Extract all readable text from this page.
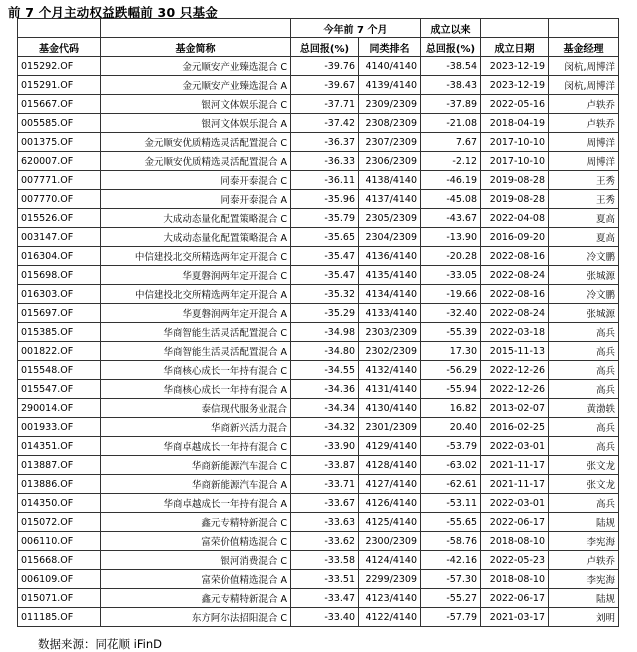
前 7 个月主动权益跌幅前 30 只基金
		今年前 7 个月		成立以来		
基金代码	基金简称	总回报(%)	同类排名	总回报(%)	成立日期	基金经理
015292.OF	金元顺安产业臻选混合 C	-39.76	4140/4140	-38.54	2023-12-19	闵杭,周博洋
015291.OF	金元顺安产业臻选混合 A	-39.67	4139/4140	-38.43	2023-12-19	闵杭,周博洋
015667.OF	银河文体娱乐混合 C	-37.71	2309/2309	-37.89	2022-05-16	卢轶乔
005585.OF	银河文体娱乐混合 A	-37.42	2308/2309	-21.08	2018-04-19	卢轶乔
001375.OF	金元顺安优质精选灵活配置混合 C	-36.37	2307/2309	7.67	2017-10-10	周博洋
620007.OF	金元顺安优质精选灵活配置混合 A	-36.33	2306/2309	-2.12	2017-10-10	周博洋
007771.OF	同泰开泰混合 C	-36.11	4138/4140	-46.19	2019-08-28	王秀
007770.OF	同泰开泰混合 A	-35.96	4137/4140	-45.08	2019-08-28	王秀
015526.OF	大成动态量化配置策略混合 C	-35.79	2305/2309	-43.67	2022-04-08	夏高
003147.OF	大成动态量化配置策略混合 A	-35.65	2304/2309	-13.90	2016-09-20	夏高
016304.OF	中信建投北交所精选两年定开混合 C	-35.47	4136/4140	-20.28	2022-08-16	冷文鹏
015698.OF	华夏磐润两年定开混合 C	-35.47	4135/4140	-33.05	2022-08-24	张城源
016303.OF	中信建投北交所精选两年定开混合 A	-35.32	4134/4140	-19.66	2022-08-16	冷文鹏
015697.OF	华夏磐润两年定开混合 A	-35.29	4133/4140	-32.40	2022-08-24	张城源
015385.OF	华商智能生活灵活配置混合 C	-34.98	2303/2309	-55.39	2022-03-18	高兵
001822.OF	华商智能生活灵活配置混合 A	-34.80	2302/2309	17.30	2015-11-13	高兵
015548.OF	华商核心成长一年持有混合 C	-34.55	4132/4140	-56.29	2022-12-26	高兵
015547.OF	华商核心成长一年持有混合 A	-34.36	4131/4140	-55.94	2022-12-26	高兵
290014.OF	泰信现代服务业混合	-34.34	4130/4140	16.82	2013-02-07	黄渤轶
001933.OF	华商新兴活力混合	-34.32	2301/2309	20.40	2016-02-25	高兵
014351.OF	华商卓越成长一年持有混合 C	-33.90	4129/4140	-53.79	2022-03-01	高兵
013887.OF	华商新能源汽车混合 C	-33.87	4128/4140	-63.02	2021-11-17	张文龙
013886.OF	华商新能源汽车混合 A	-33.71	4127/4140	-62.61	2021-11-17	张文龙
014350.OF	华商卓越成长一年持有混合 A	-33.67	4126/4140	-53.11	2022-03-01	高兵
015072.OF	鑫元专精特新混合 C	-33.63	4125/4140	-55.65	2022-06-17	陆规
006110.OF	富荣价值精选混合 C	-33.62	2300/2309	-58.76	2018-08-10	李宪海
015668.OF	银河消费混合 C	-33.58	4124/4140	-42.16	2022-05-23	卢轶乔
006109.OF	富荣价值精选混合 A	-33.51	2299/2309	-57.30	2018-08-10	李宪海
015071.OF	鑫元专精特新混合 A	-33.47	4123/4140	-55.27	2022-06-17	陆规
011185.OF	东方阿尔法招阳混合 C	-33.40	4122/4140	-57.79	2021-03-17	刘明
数据来源：同花顺 iFinD
